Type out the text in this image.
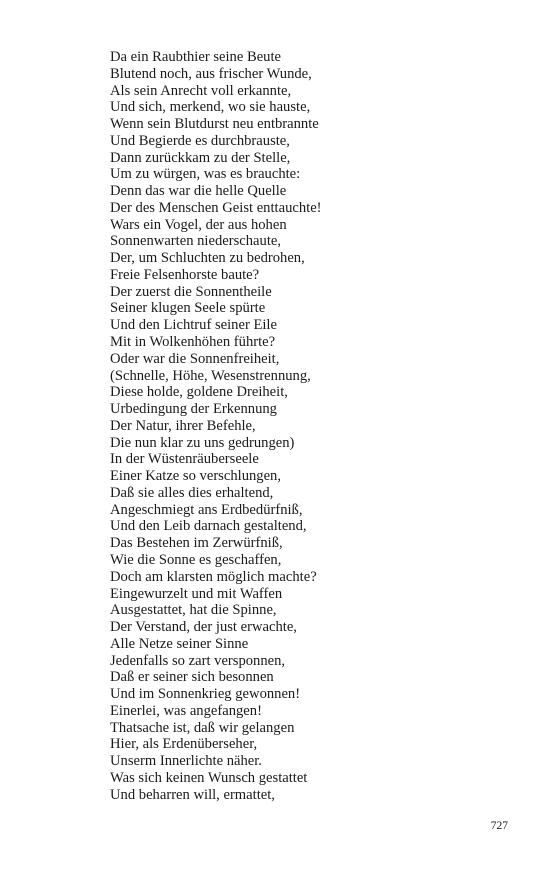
Da ein Raubthier seine Beute
Blutend noch, aus frischer Wunde,
Als sein Anrecht voll erkannte,
Und sich, merkend, wo sie hauste,
Wenn sein Blutdurst neu entbrannte
Und Begierde es durchbrauste,
Dann zurückkam zu der Stelle,
Um zu würgen, was es brauchte:
Denn das war die helle Quelle
Der des Menschen Geist enttauchte!
Wars ein Vogel, der aus hohen
Sonnenwarten niederschaute,
Der, um Schluchten zu bedrohen,
Freie Felsenhorste baute?
Der zuerst die Sonnentheile
Seiner klugen Seele spürte
Und den Lichtruf seiner Eile
Mit in Wolkenhöhen führte?
Oder war die Sonnenfreiheit,
(Schnelle, Höhe, Wesenstrennung,
Diese holde, goldene Dreiheit,
Urbedingung der Erkennung
Der Natur, ihrer Befehle,
Die nun klar zu uns gedrungen)
In der Wüstenräuberseele
Einer Katze so verschlungen,
Daß sie alles dies erhaltend,
Angeschmiegt ans Erdbedürfniß,
Und den Leib darnach gestaltend,
Das Bestehen im Zerwürfniß,
Wie die Sonne es geschaffen,
Doch am klarsten möglich machte?
Eingewurzelt und mit Waffen
Ausgestattet, hat die Spinne,
Der Verstand, der just erwachte,
Alle Netze seiner Sinne
Jedenfalls so zart versponnen,
Daß er seiner sich besonnen
Und im Sonnenkrieg gewonnen!
Einerlei, was angefangen!
Thatsache ist, daß wir gelangen
Hier, als Erdenüberseher,
Unserm Innerlichte näher.
Was sich keinen Wunsch gestattet
Und beharren will, ermattet,
727
